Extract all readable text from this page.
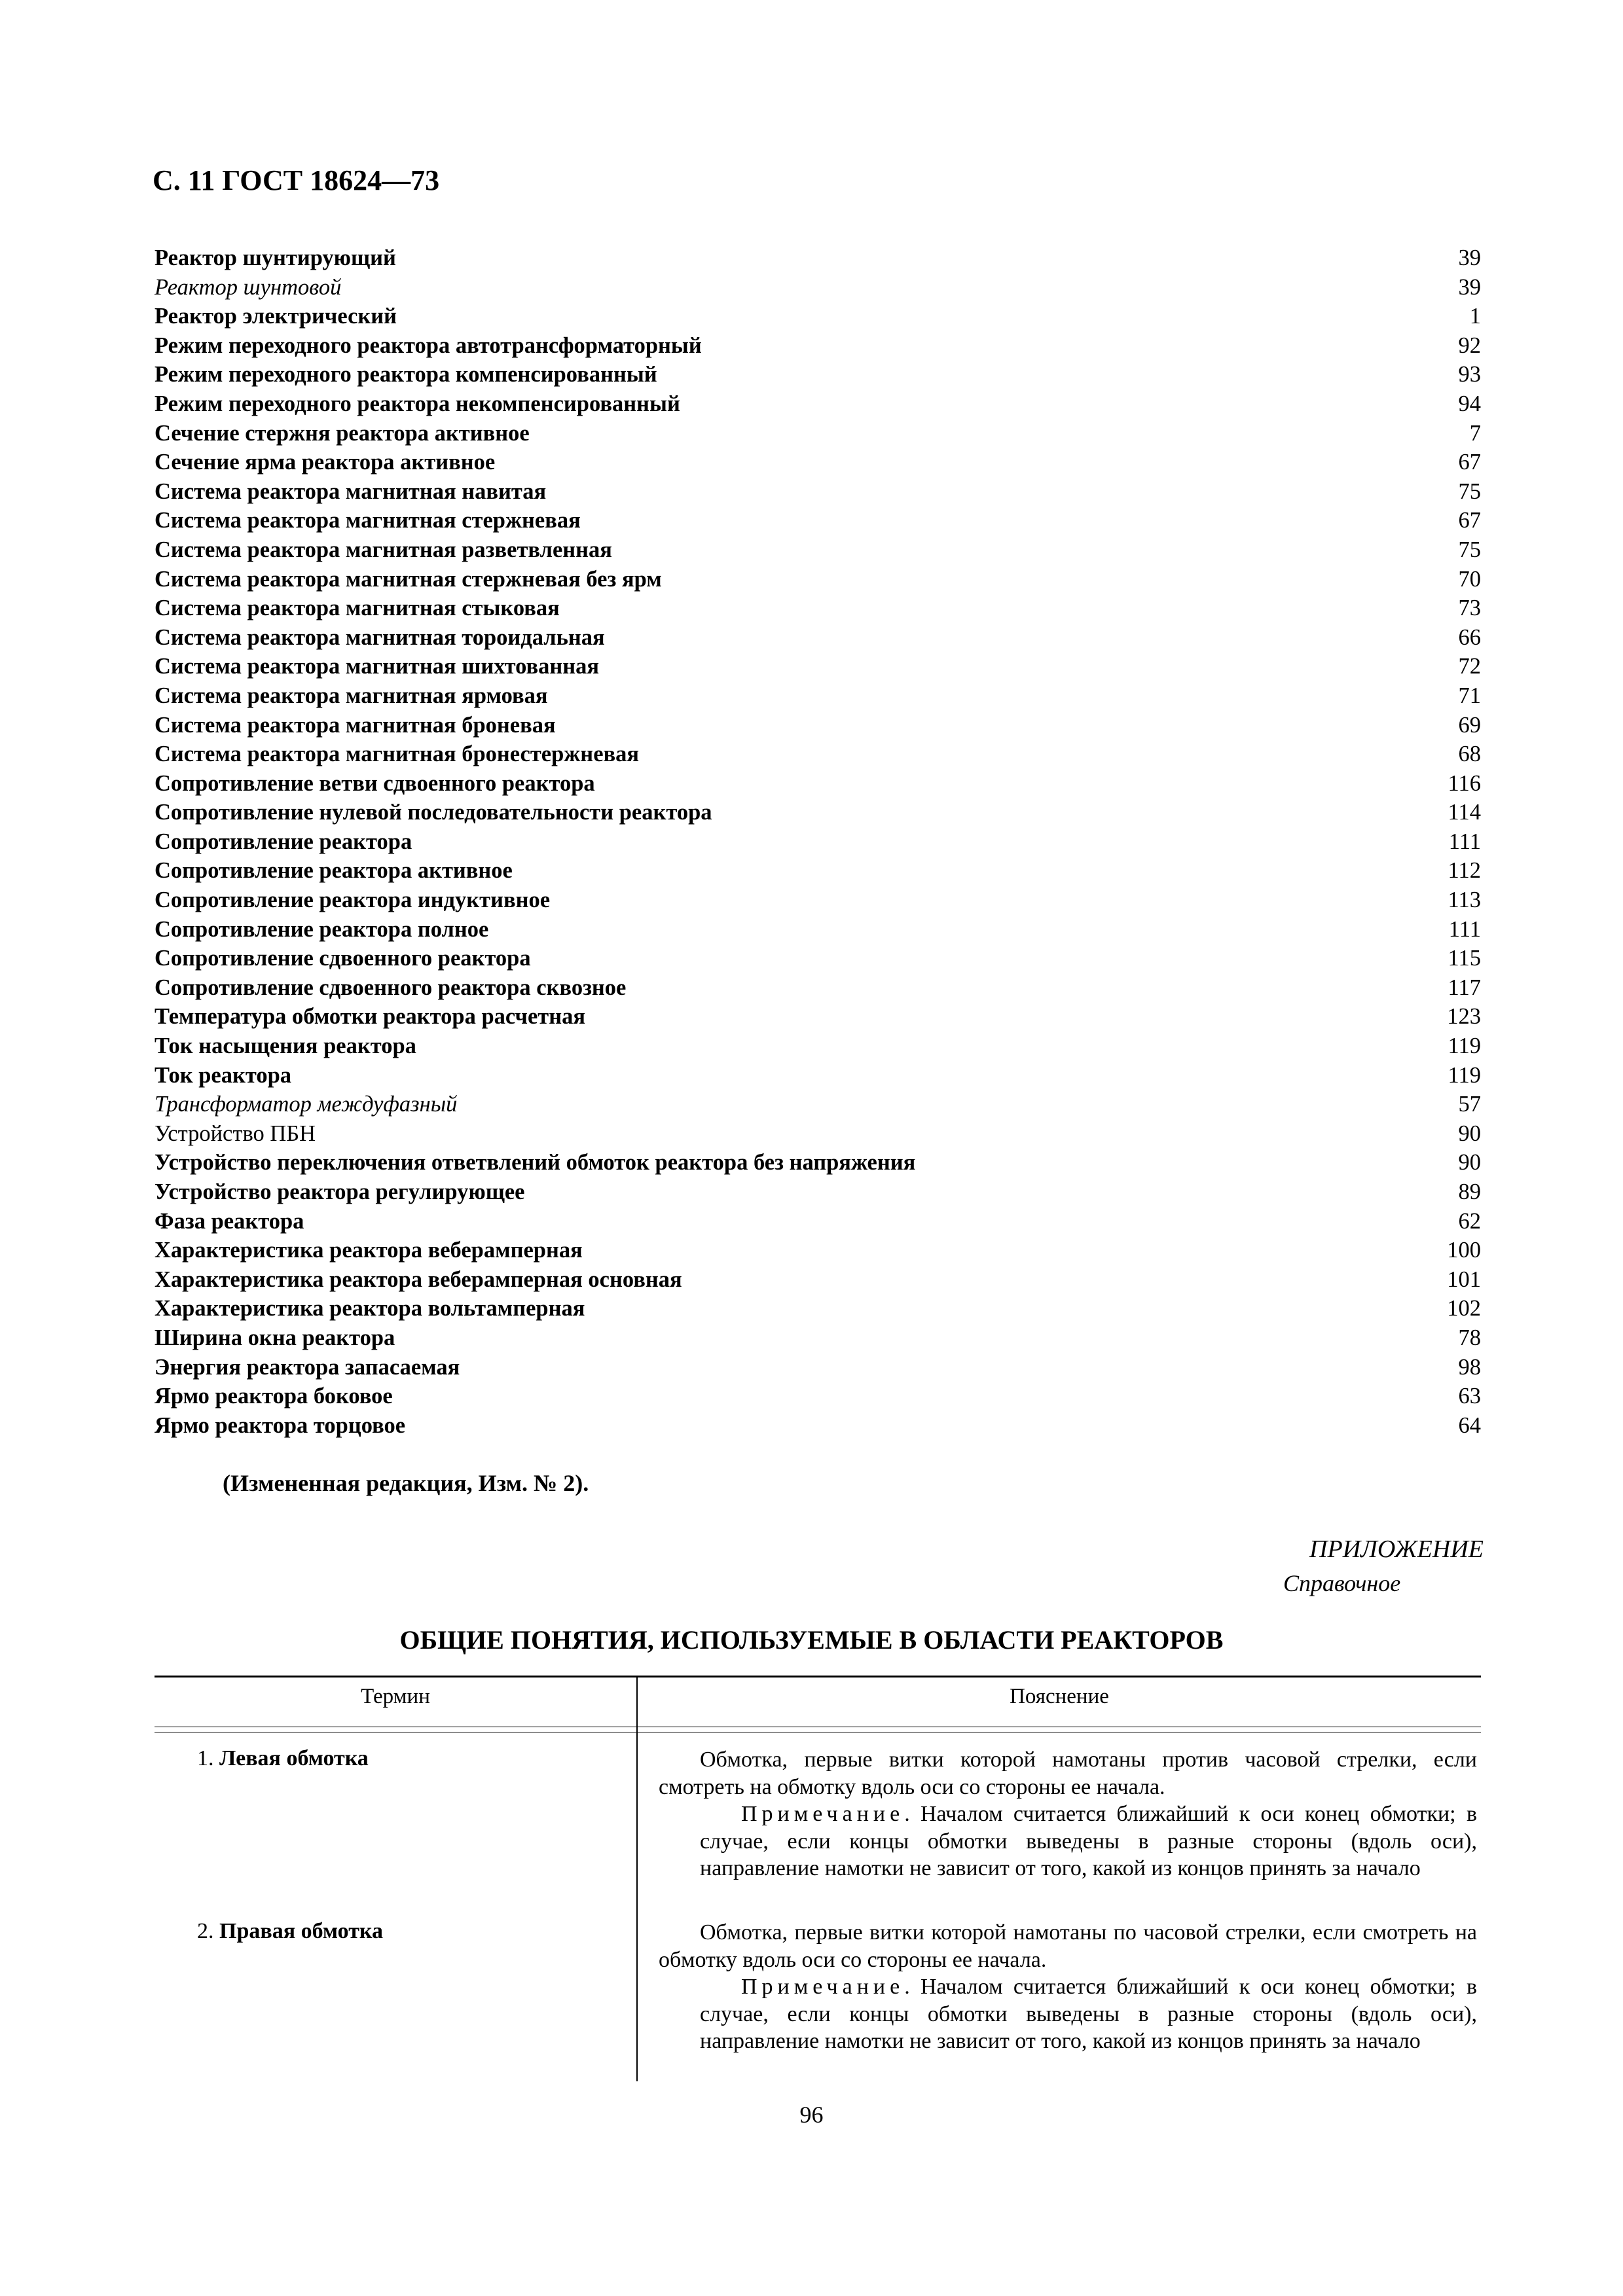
С. 11 ГОСТ 18624—73
Реактор шунтирующий	39
Реактор шунтовой	39
Реактор электрический	1
Режим переходного реактора автотрансформаторный	92
Режим переходного реактора компенсированный	93
Режим переходного реактора некомпенсированный	94
Сечение стержня реактора активное	7
Сечение ярма реактора активное	67
Система реактора магнитная навитая	75
Система реактора магнитная стержневая	67
Система реактора магнитная разветвленная	75
Система реактора магнитная стержневая без ярм	70
Система реактора магнитная стыковая	73
Система реактора магнитная тороидальная	66
Система реактора магнитная шихтованная	72
Система реактора магнитная ярмовая	71
Система реактора магнитная броневая	69
Система реактора магнитная бронестержневая	68
Сопротивление ветви сдвоенного реактора	116
Сопротивление нулевой последовательности реактора	114
Сопротивление реактора	111
Сопротивление реактора активное	112
Сопротивление реактора индуктивное	113
Сопротивление реактора полное	111
Сопротивление сдвоенного реактора	115
Сопротивление сдвоенного реактора сквозное	117
Температура обмотки реактора расчетная	123
Ток насыщения реактора	119
Ток реактора	119
Трансформатор междуфазный	57
Устройство ПБН	90
Устройство переключения ответвлений обмоток реактора без напряжения	90
Устройство реактора регулирующее	89
Фаза реактора	62
Характеристика реактора веберамперная	100
Характеристика реактора веберамперная основная	101
Характеристика реактора вольтамперная	102
Ширина окна реактора	78
Энергия реактора запасаемая	98
Ярмо реактора боковое	63
Ярмо реактора торцовое	64
(Измененная редакция, Изм. № 2).
ПРИЛОЖЕНИЕ
Справочное
ОБЩИЕ ПОНЯТИЯ, ИСПОЛЬЗУЕМЫЕ В ОБЛАСТИ РЕАКТОРОВ
Термин	Пояснение
1. Левая обмотка	Обмотка, первые витки которой намотаны против часовой стрелки, если смотреть на обмотку вдоль оси со стороны ее начала.

Примечание. Началом считается ближайший к оси конец обмотки; в случае, если концы обмотки выведены в разные стороны (вдоль оси), направление намотки не зависит от того, какой из концов принять за начало

2. Правая обмотка	Обмотка, первые витки которой намотаны по часовой стрелки, если смотреть на обмотку вдоль оси со стороны ее начала.

Примечание. Началом считается ближайший к оси конец обмотки; в случае, если концы обмотки выведены в разные стороны (вдоль оси), направление намотки не зависит от того, какой из концов принять за начало

96
